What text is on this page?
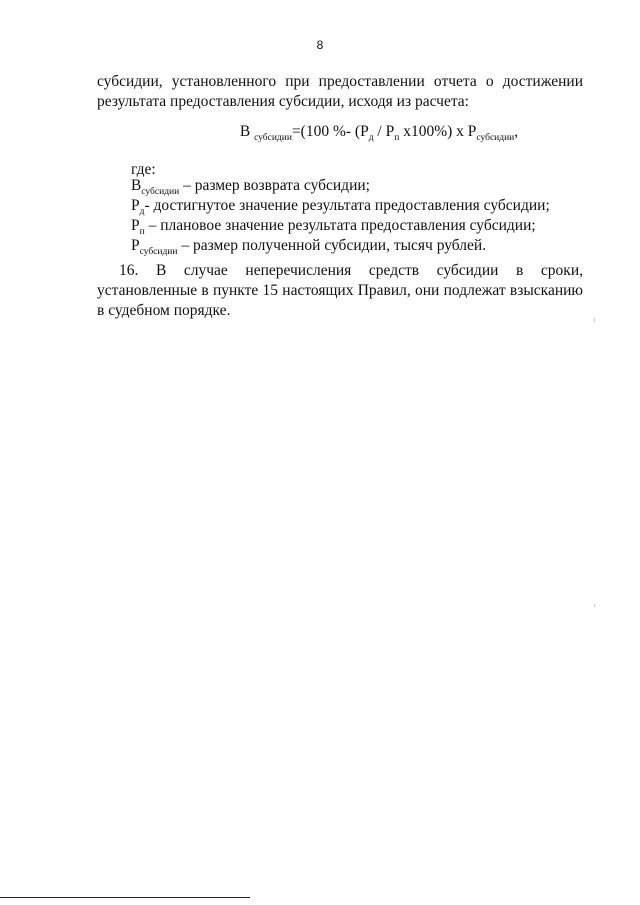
8
субсидии, установленного при предоставлении отчета о достижении результата предоставления субсидии, исходя из расчета:
В $_{субсидии}$=(100 %- ($Р_д / Р_п$ x100%) x $Р_{субсидии}$,
где:
$В_{субсидии}$ – размер возврата субсидии;
$Р_д-$ достигнутое значение результата предоставления субсидии;
$Р_п$ – плановое значение результата предоставления субсидии;
$Р_{субсидии}$ – размер полученной субсидии, тысяч рублей.
16. В случае неперечисления средств субсидии в сроки, установленные в пункте 15 настоящих Правил, они подлежат взысканию в судебном порядке.
